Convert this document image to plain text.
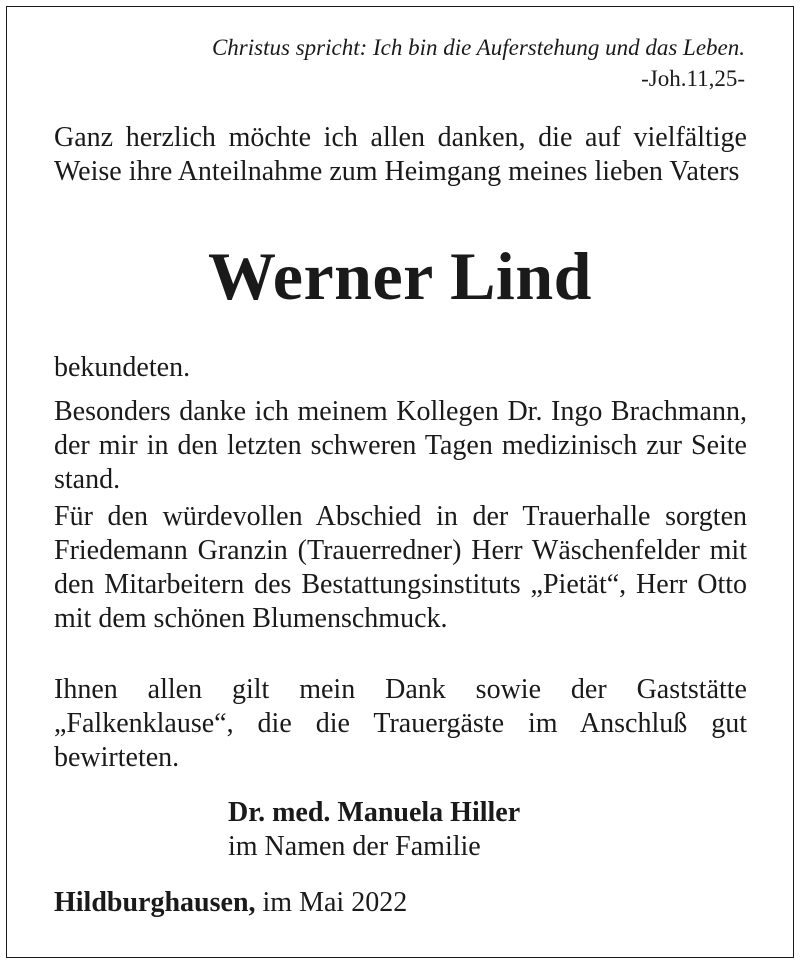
Christus spricht: Ich bin die Auferstehung und das Leben.
-Joh.11,25-
Ganz herzlich möchte ich allen danken, die auf vielfältige Weise ihre Anteilnahme zum Heimgang meines lieben Vaters
Werner Lind
bekundeten.
Besonders danke ich meinem Kollegen Dr. Ingo Brachmann, der mir in den letzten schweren Tagen medizinisch zur Seite stand.
Für den würdevollen Abschied in der Trauerhalle sorgten Friedemann Granzin (Trauerredner) Herr Wäschenfelder mit den Mitarbeitern des Bestattungsinstituts „Pietät“, Herr Otto mit dem schönen Blumenschmuck.
Ihnen allen gilt mein Dank sowie der Gaststätte „Falkenklause“, die die Trauergäste im Anschluß gut bewirteten.
Dr. med. Manuela Hiller
im Namen der Familie
Hildburghausen, im Mai 2022
